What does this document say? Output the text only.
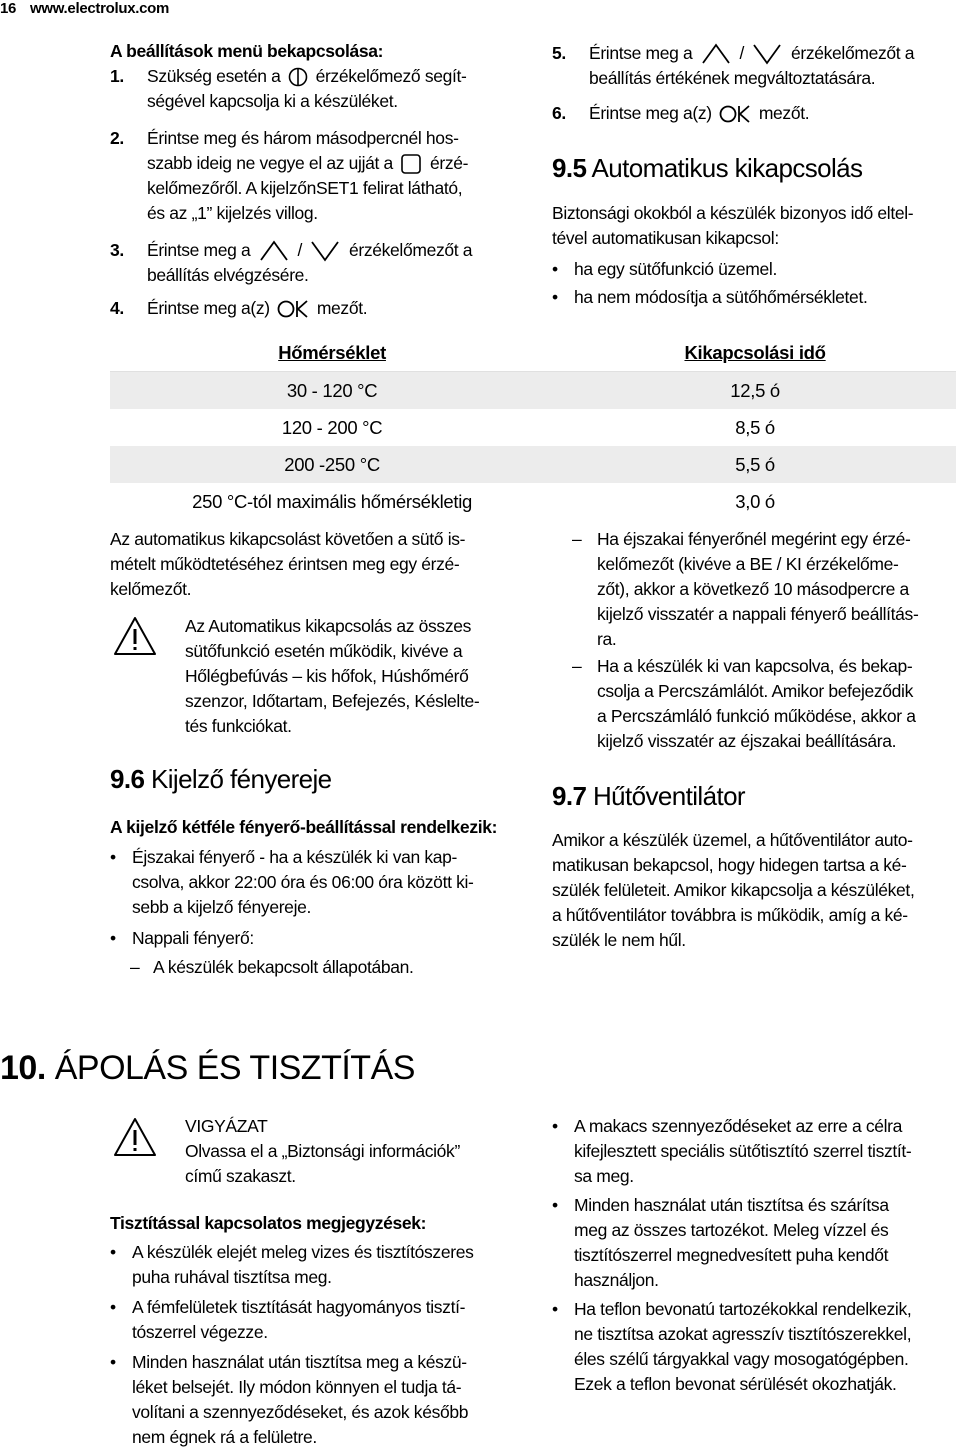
16 www.electrolux.com
A beállítások menü bekapcsolása:
1. Szükség esetén a érzékelőmező segít-
ségével kapcsolja ki a készüléket.
2. Érintse meg és három másodpercnél hos-
szabb ideig ne vegye el az ujját a érzé-
kelőmezőről. A kijelzőnSET1 felirat látható,
és az „1” kijelzés villog.
3. Érintse meg a	/	érzékelőmezőt a
beállítás elvégzésére.
4. Érintse meg a(z)	mezőt.
5. Érintse meg a	/	érzékelőmezőt a
beállítás értékének megváltoztatására.
6. Érintse meg a(z)	mezőt.
9.5 Automatikus kikapcsolás
Biztonsági okokból a készülék bizonyos idő eltel-
tével automatikusan kikapcsol:
• ha egy sütőfunkció üzemel.
• ha nem módosítja a sütőhőmérsékletet.
Hőmérséklet	Kikapcsolási idő
30 - 120 °C	12,5 ó
120 - 200 °C	8,5 ó
200 -250 °C	5,5 ó
250 °C-tól maximális hőmérsékletig	3,0 ó
Az automatikus kikapcsolást követően a sütő is-
mételt működtetéséhez érintsen meg egy érzé-
kelőmezőt.
Az Automatikus kikapcsolás az összes
sütőfunkció esetén működik, kivéve a
Hőlégbefúvás – kis hőfok, Húshőmérő
szenzor, Időtartam, Befejezés, Késlelte-
tés funkciókat.
9.6 Kijelző fényereje
A kijelző kétféle fényerő-beállítással rendelkezik:
• Éjszakai fényerő - ha a készülék ki van kap-
csolva, akkor 22:00 óra és 06:00 óra között ki-
sebb a kijelző fényereje.
• Nappali fényerő:
– A készülék bekapcsolt állapotában.
– Ha éjszakai fényerőnél megérint egy érzé-
kelőmezőt (kivéve a BE / KI érzékelőme-
zőt), akkor a következő 10 másodpercre a
kijelző visszatér a nappali fényerő beállítás-
ra.
– Ha a készülék ki van kapcsolva, és bekap-
csolja a Percszámlálót. Amikor befejeződik
a Percszámláló funkció működése, akkor a
kijelző visszatér az éjszakai beállítására.
9.7 Hűtőventilátor
Amikor a készülék üzemel, a hűtőventilátor auto-
matikusan bekapcsol, hogy hidegen tartsa a ké-
szülék felületeit. Amikor kikapcsolja a készüléket,
a hűtőventilátor továbbra is működik, amíg a ké-
szülék le nem hűl.
10. ÁPOLÁS ÉS TISZTÍTÁS
VIGYÁZAT
Olvassa el a „Biztonsági információk”
című szakaszt.
Tisztítással kapcsolatos megjegyzések:
• A készülék elejét meleg vizes és tisztítószeres
puha ruhával tisztítsa meg.
• A fémfelületek tisztítását hagyományos tisztí-
tószerrel végezze.
• Minden használat után tisztítsa meg a készü-
léket belsejét. Ily módon könnyen el tudja tá-
volítani a szennyeződéseket, és azok később
nem égnek rá a felületre.
• A makacs szennyeződéseket az erre a célra
kifejlesztett speciális sütőtisztító szerrel tisztít-
sa meg.
• Minden használat után tisztítsa és szárítsa
meg az összes tartozékot. Meleg vízzel és
tisztítószerrel megnedvesített puha kendőt
használjon.
• Ha teflon bevonatú tartozékokkal rendelkezik,
ne tisztítsa azokat agresszív tisztítószerekkel,
éles szélű tárgyakkal vagy mosogatógépben.
Ezek a teflon bevonat sérülését okozhatják.
